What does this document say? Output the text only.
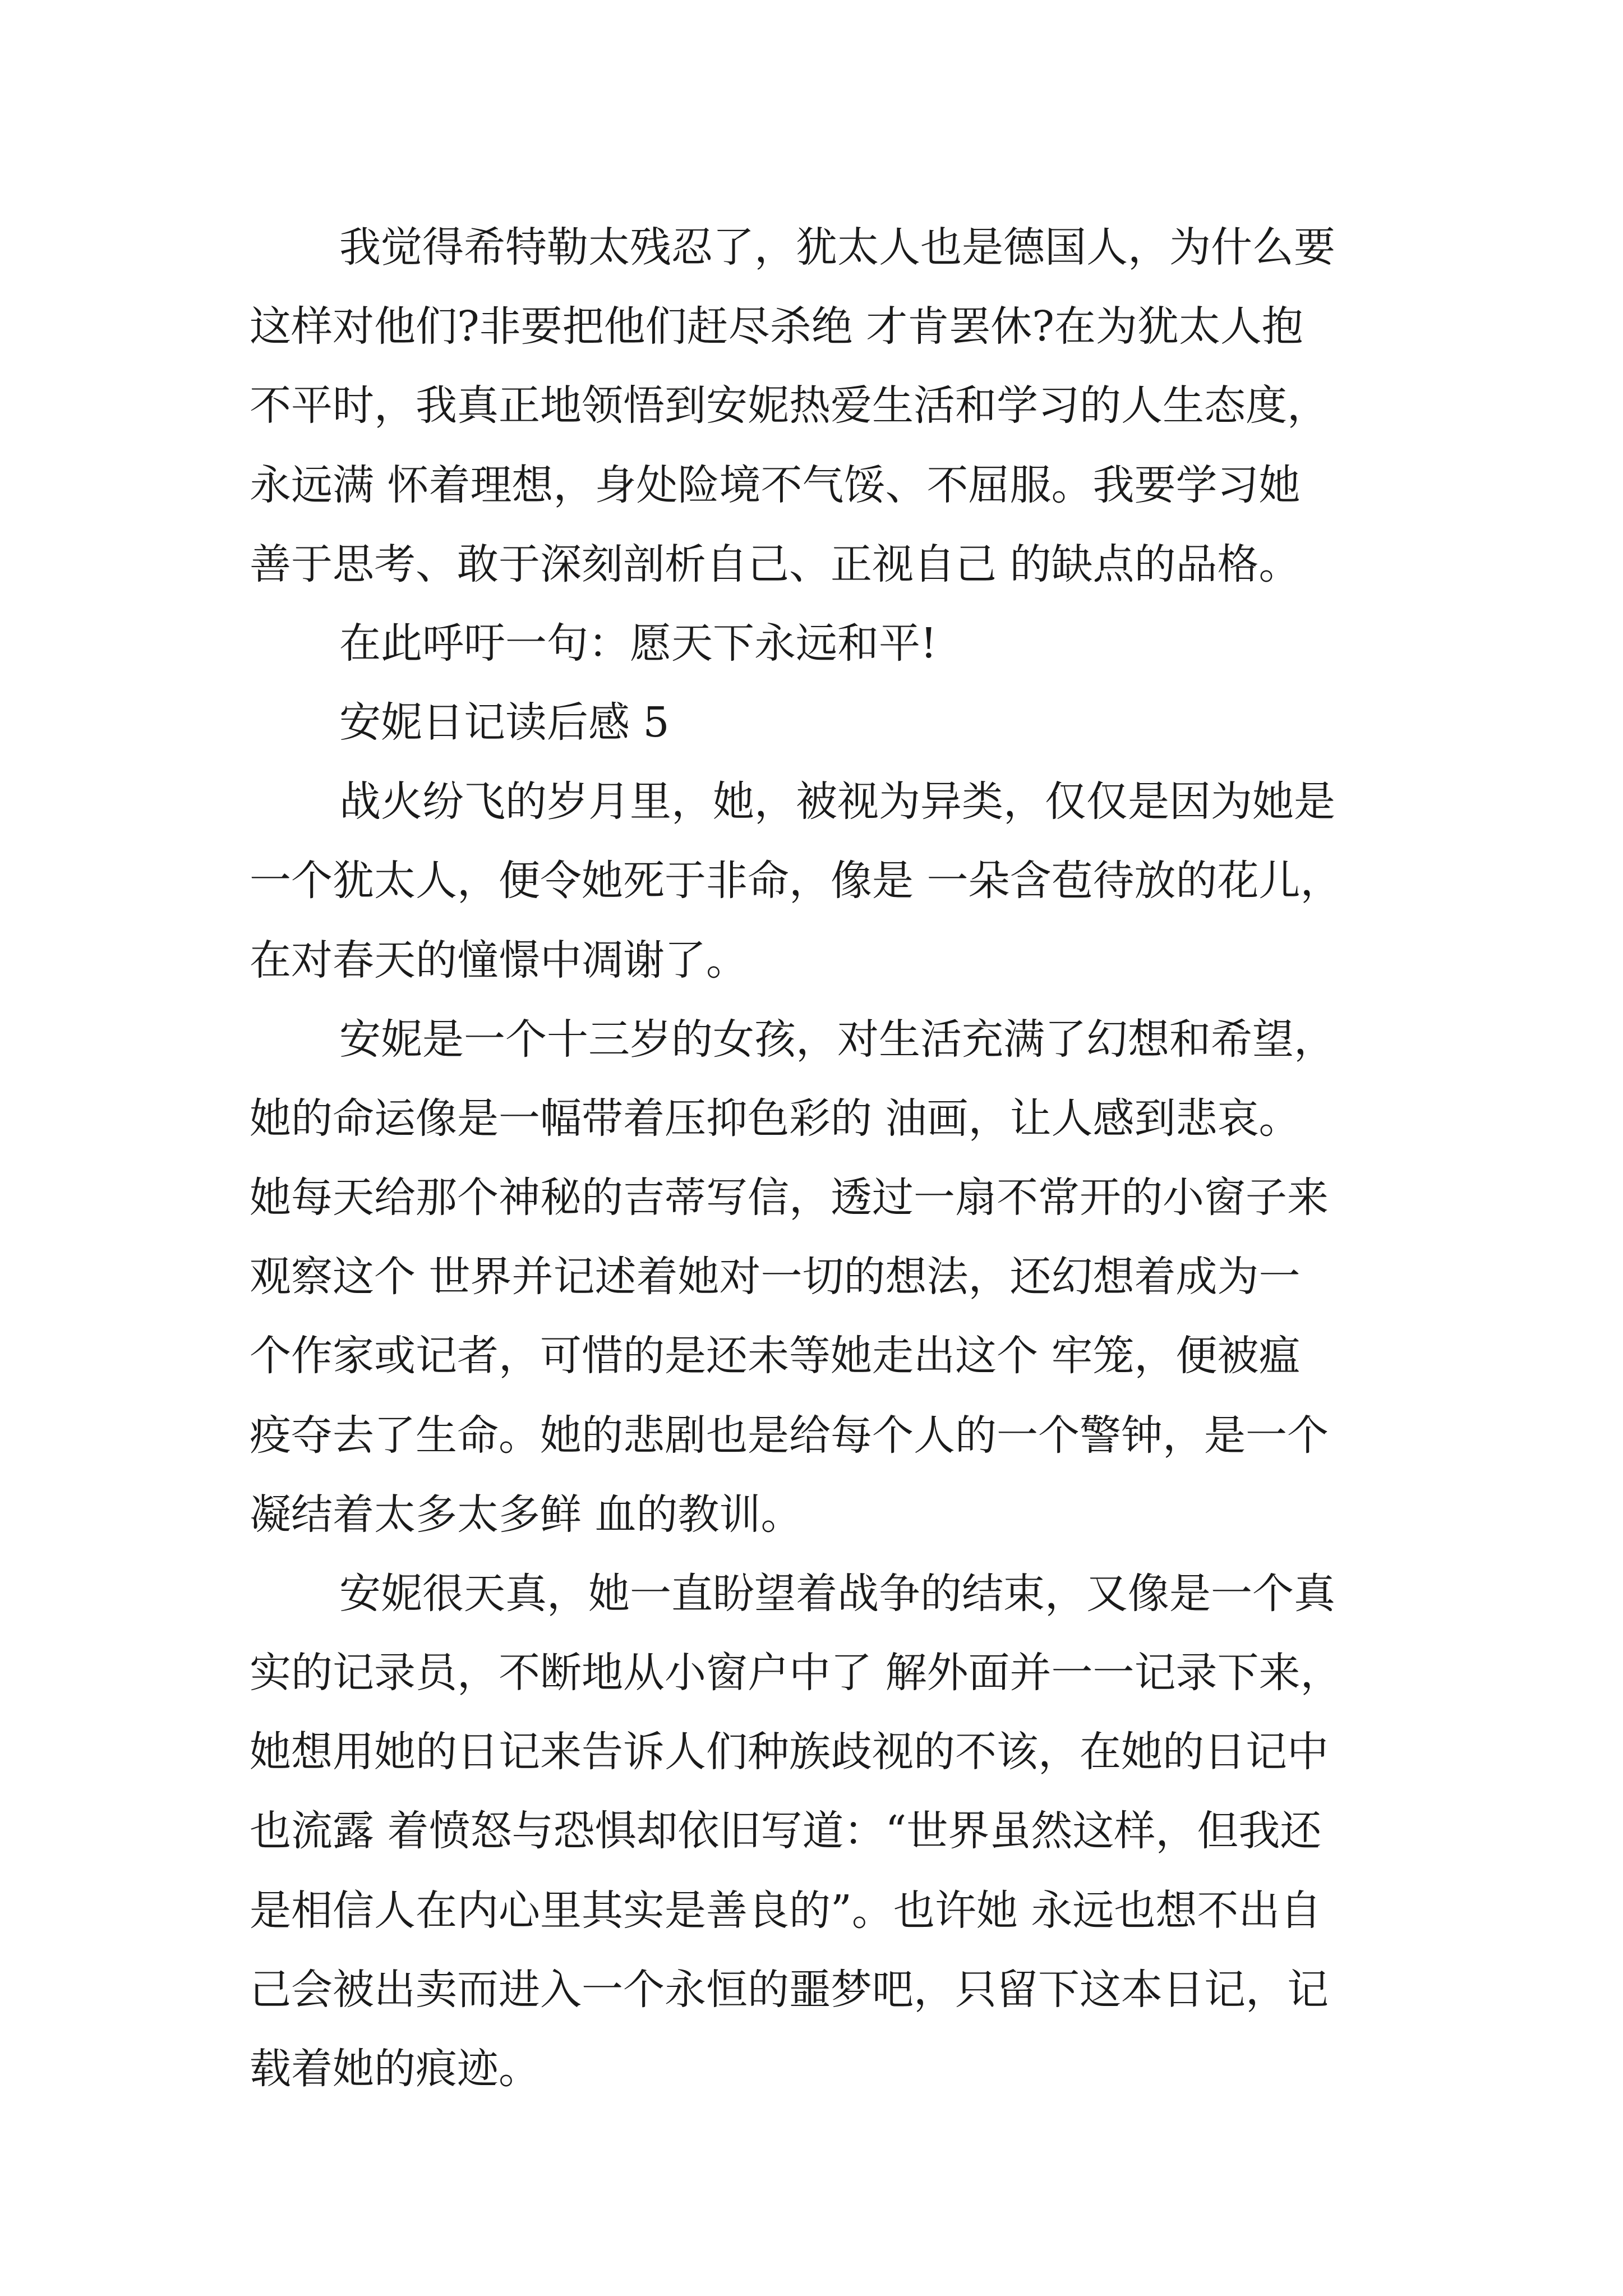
我觉得希特勒太残忍了，犹太人也是德国人，为什么要

这样对他们?非要把他们赶尽杀绝 才肯罢休?在为犹太人抱

不平时，我真正地领悟到安妮热爱生活和学习的人生态度，

永远满 怀着理想，身处险境不气馁、不屈服。我要学习她

善于思考、敢于深刻剖析自己、正视自己 的缺点的品格。

在此呼吁一句：愿天下永远和平!

安妮日记读后感 5

战火纷飞的岁月里，她，被视为异类，仅仅是因为她是

一个犹太人，便令她死于非命，像是 一朵含苞待放的花儿，

在对春天的憧憬中凋谢了。

安妮是一个十三岁的女孩，对生活充满了幻想和希望，

她的命运像是一幅带着压抑色彩的 油画，让人感到悲哀。

她每天给那个神秘的吉蒂写信，透过一扇不常开的小窗子来

观察这个 世界并记述着她对一切的想法，还幻想着成为一

个作家或记者，可惜的是还未等她走出这个 牢笼，便被瘟

疫夺去了生命。她的悲剧也是给每个人的一个警钟，是一个

凝结着太多太多鲜 血的教训。

安妮很天真，她一直盼望着战争的结束，又像是一个真

实的记录员，不断地从小窗户中了 解外面并一一记录下来，

她想用她的日记来告诉人们种族歧视的不该，在她的日记中

也流露 着愤怒与恐惧却依旧写道：“世界虽然这样，但我还

是相信人在内心里其实是善良的”。也许她 永远也想不出自

己会被出卖而进入一个永恒的噩梦吧，只留下这本日记，记

载着她的痕迹。
